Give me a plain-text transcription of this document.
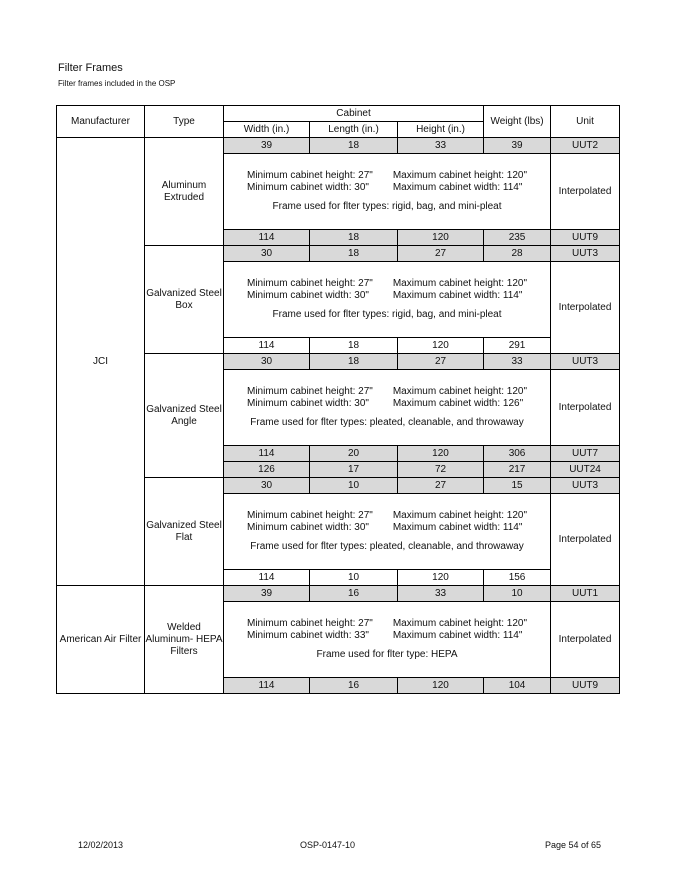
Filter Frames
Filter frames included in the OSP
Manufacturer	Type	Cabinet			Weight (lbs)	Unit
		Width (in.)	Length (in.)	Height (in.)		
JCI	Aluminum Extruded	39	18	33	39	UUT2

		Minimum cabinet height: 27"
Minimum cabinet width: 30"
Maximum cabinet height: 120"
Maximum cabinet width: 114"
Frame used for flter types: rigid, bag, and mini-pleat				Interpolated
		114	18	120	235	UUT9
	Galvanized Steel Box	30	18	27	28	UUT3

		Minimum cabinet height: 27"
Minimum cabinet width: 30"
Maximum cabinet height: 120"
Maximum cabinet width: 114"
Frame used for flter types: rigid, bag, and mini-pleat				Interpolated
		114	18	120	291	
	Galvanized Steel Angle	30	18	27	33	UUT3

		Minimum cabinet height: 27"
Minimum cabinet width: 30"
Maximum cabinet height: 120"
Maximum cabinet width: 126"
Frame used for flter types: pleated, cleanable, and throwaway				Interpolated
		114	20	120	306	UUT7
		126	17	72	217	UUT24
	Galvanized Steel Flat	30	10	27	15	UUT3

		Minimum cabinet height: 27"
Minimum cabinet width: 30"
Maximum cabinet height: 120"
Maximum cabinet width: 114"
Frame used for flter types: pleated, cleanable, and throwaway				Interpolated
		114	10	120	156	
American Air Filter	Welded Aluminum- HEPA Filters	39	16	33	10	UUT1

		Minimum cabinet height: 27"
Minimum cabinet width: 33"
Maximum cabinet height: 120"
Maximum cabinet width: 114"
Frame used for flter type: HEPA				Interpolated
		114	16	120	104	UUT9
12/02/2013	OSP-0147-10	Page 54 of 65
